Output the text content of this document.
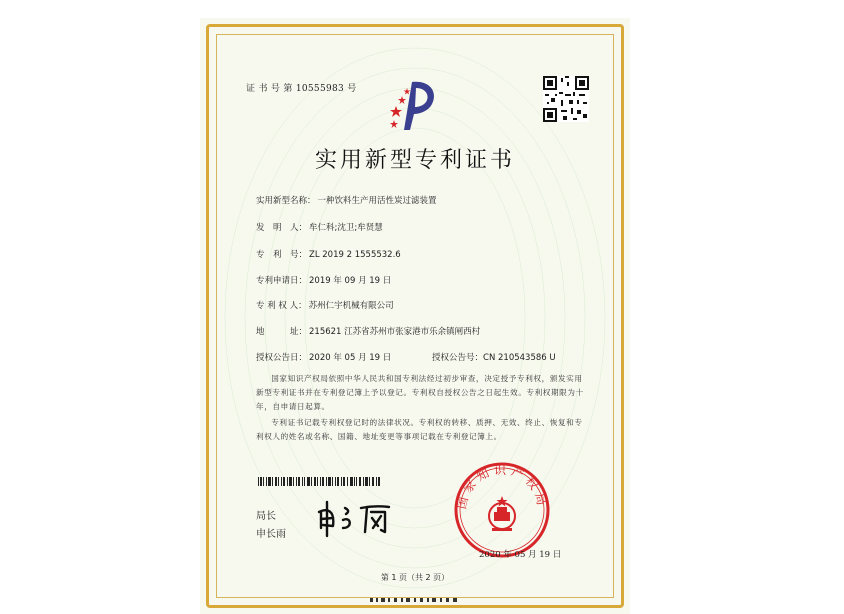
证 书 号 第 10555983 号
实用新型专利证书
实用新型名称： 一种饮料生产用活性炭过滤装置
发　明　人： 牟仁科;沈卫;牟贤慧
专　利　号： ZL 2019 2 1555532.6
专利申请日： 2019 年 09 月 19 日
专 利 权 人： 苏州仁宇机械有限公司
地　　　址： 215621 江苏省苏州市张家港市乐余镇闸西村
授权公告日： 2020 年 05 月 19 日	授权公告号：CN 210543586 U
国家知识产权局依照中华人民共和国专利法经过初步审查，决定授予专利权，颁发实用新型专利证书并在专利登记簿上予以登记。专利权自授权公告之日起生效。专利权期限为十年，自申请日起算。
专利证书记载专利权登记时的法律状况。专利权的转移、质押、无效、终止、恢复和专利权人的姓名或名称、国籍、地址变更等事项记载在专利登记簿上。
局长
申长雨
国家知识产权局
2020 年 05 月 19 日
第 1 页（共 2 页）
